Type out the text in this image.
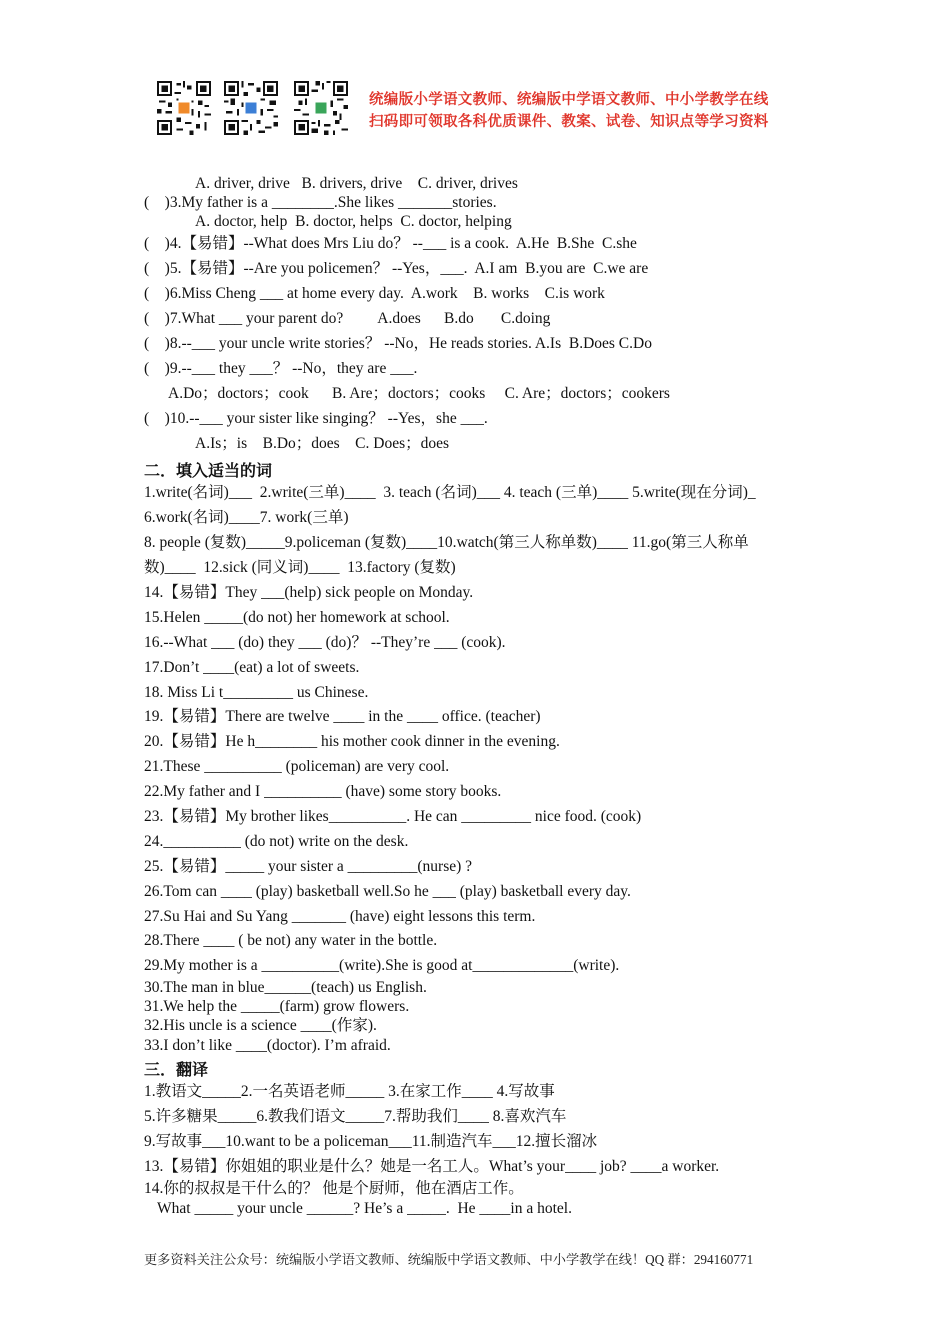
统编版小学语文教师、统编版中学语文教师、中小学教学在线
扫码即可领取各科优质课件、教案、试卷、知识点等学习资料
A. driver, drive   B. drivers, drive    C. driver, drives
(    )3.My father is a ________.She likes _______stories.
A. doctor, help  B. doctor, helps  C. doctor, helping
(    )4.【易错】--What does Mrs Liu do？ --___ is a cook.  A.He  B.She  C.she
(    )5.【易错】--Are you policemen？ --Yes，___.  A.I am  B.you are  C.we are
(    )6.Miss Cheng ___ at home every day.  A.work    B. works    C.is work
(    )7.What ___ your parent do?         A.does      B.do       C.doing
(    )8.--___ your uncle write stories？ --No，He reads stories. A.Is  B.Does C.Do
(    )9.--___ they ___？ --No，they are ___.
A.Do；doctors；cook      B. Are；doctors；cooks     C. Are；doctors；cookers
(    )10.--___ your sister like singing？ --Yes，she ___.
A.Is；is    B.Do；does    C. Does；does
二．填入适当的词
1.write(名词)___  2.write(三单)____  3. teach (名词)___ 4. teach (三单)____ 5.write(现在分词)_
6.work(名词)____7. work(三单)
8. people (复数)_____9.policeman (复数)____10.watch(第三人称单数)____ 11.go(第三人称单
数)____  12.sick (同义词)____  13.factory (复数)
14.【易错】They ___(help) sick people on Monday.
15.Helen _____(do not) her homework at school.
16.--What ___ (do) they ___ (do)？ --They’re ___ (cook).
17.Don’t ____(eat) a lot of sweets.
18. Miss Li t_________ us Chinese.
19.【易错】There are twelve ____ in the ____ office. (teacher)
20.【易错】He h________ his mother cook dinner in the evening.
21.These __________ (policeman) are very cool.
22.My father and I __________ (have) some story books.
23.【易错】My brother likes__________. He can _________ nice food. (cook)
24.__________ (do not) write on the desk.
25.【易错】_____ your sister a _________(nurse) ?
26.Tom can ____ (play) basketball well.So he ___ (play) basketball every day.
27.Su Hai and Su Yang _______ (have) eight lessons this term.
28.There ____ ( be not) any water in the bottle.
29.My mother is a __________(write).She is good at_____________(write).
30.The man in blue______(teach) us English.
31.We help the _____(farm) grow flowers.
32.His uncle is a science ____(作家).
33.I don’t like ____(doctor). I’m afraid.
三．翻译
1.教语文_____2.一名英语老师_____ 3.在家工作____ 4.写故事
5.许多糖果_____6.教我们语文_____7.帮助我们____ 8.喜欢汽车
9.写故事___10.want to be a policeman___11.制造汽车___12.擅长溜冰
13.【易错】你姐姐的职业是什么？她是一名工人。What’s your____ job? ____a worker.
14.你的叔叔是干什么的？ 他是个厨师，他在酒店工作。
What _____ your uncle ______? He’s a _____.  He ____in a hotel.
更多资料关注公众号：统编版小学语文教师、统编版中学语文教师、中小学教学在线！QQ 群：294160771
